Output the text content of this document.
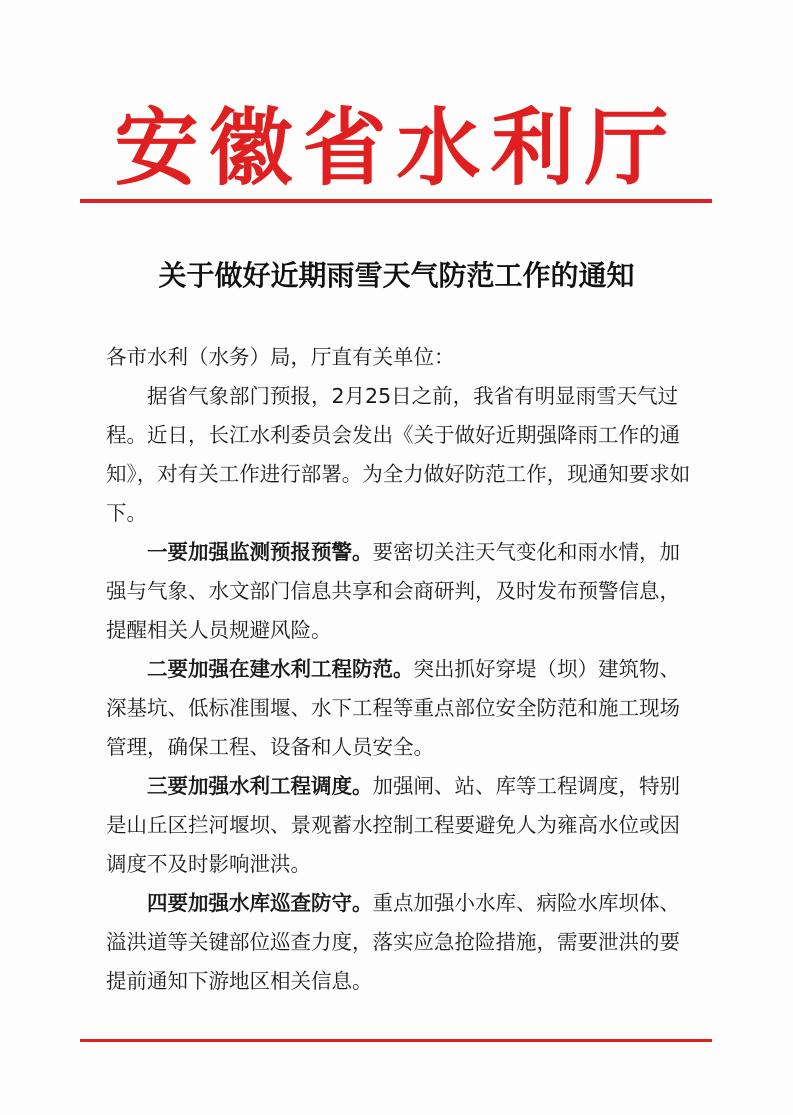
安徽省水利厅
关于做好近期雨雪天气防范工作的通知

各市水利（水务）局，厅直有关单位：

据省气象部门预报，2月25日之前，我省有明显雨雪天气过程。近日，长江水利委员会发出《关于做好近期强降雨工作的通知》，对有关工作进行部署。为全力做好防范工作，现通知要求如下。

一要加强监测预报预警。要密切关注天气变化和雨水情，加强与气象、水文部门信息共享和会商研判，及时发布预警信息，提醒相关人员规避风险。

二要加强在建水利工程防范。突出抓好穿堤（坝）建筑物、深基坑、低标准围堰、水下工程等重点部位安全防范和施工现场管理，确保工程、设备和人员安全。

三要加强水利工程调度。加强闸、站、库等工程调度，特别是山丘区拦河堰坝、景观蓄水控制工程要避免人为雍高水位或因调度不及时影响泄洪。

四要加强水库巡查防守。重点加强小水库、病险水库坝体、溢洪道等关键部位巡查力度，落实应急抢险措施，需要泄洪的要提前通知下游地区相关信息。
